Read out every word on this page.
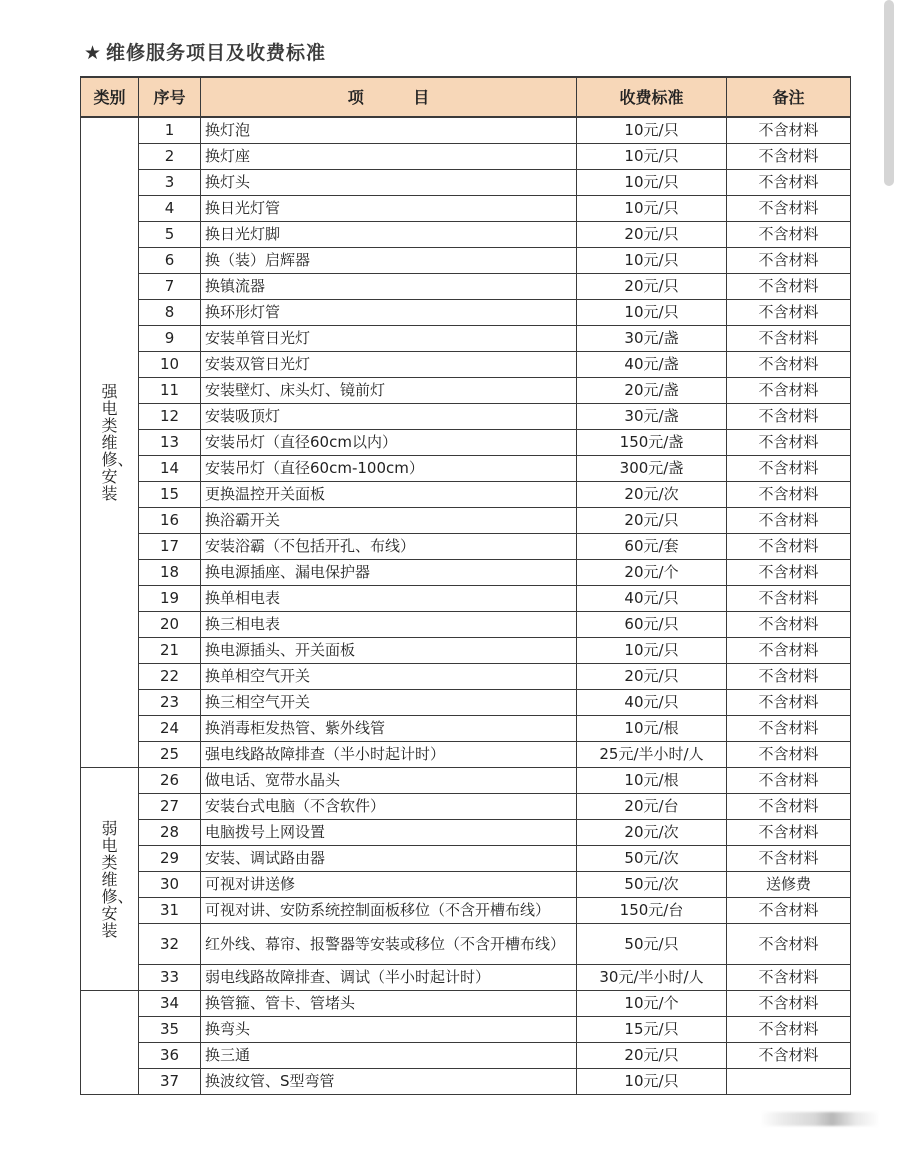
★ 维修服务项目及收费标准
类别	序号	项 目	收费标准	备注

强电类维修、安装	1	换灯泡	10元/只	不含材料
	2	换灯座	10元/只	不含材料
	3	换灯头	10元/只	不含材料
	4	换日光灯管	10元/只	不含材料
	5	换日光灯脚	20元/只	不含材料
	6	换（装）启辉器	10元/只	不含材料
	7	换镇流器	20元/只	不含材料
	8	换环形灯管	10元/只	不含材料
	9	安装单管日光灯	30元/盏	不含材料
	10	安装双管日光灯	40元/盏	不含材料
	11	安装壁灯、床头灯、镜前灯	20元/盏	不含材料
	12	安装吸顶灯	30元/盏	不含材料
	13	安装吊灯（直径60cm以内）	150元/盏	不含材料
	14	安装吊灯（直径60cm-100cm）	300元/盏	不含材料
	15	更换温控开关面板	20元/次	不含材料
	16	换浴霸开关	20元/只	不含材料
	17	安装浴霸（不包括开孔、布线）	60元/套	不含材料
	18	换电源插座、漏电保护器	20元/个	不含材料
	19	换单相电表	40元/只	不含材料
	20	换三相电表	60元/只	不含材料
	21	换电源插头、开关面板	10元/只	不含材料
	22	换单相空气开关	20元/只	不含材料
	23	换三相空气开关	40元/只	不含材料
	24	换消毒柜发热管、紫外线管	10元/根	不含材料
	25	强电线路故障排查（半小时起计时）	25元/半小时/人	不含材料

弱电类维修、安装	26	做电话、宽带水晶头	10元/根	不含材料
	27	安装台式电脑（不含软件）	20元/台	不含材料
	28	电脑拨号上网设置	20元/次	不含材料
	29	安装、调试路由器	50元/次	不含材料
	30	可视对讲送修	50元/次	送修费
	31	可视对讲、安防系统控制面板移位（不含开槽布线）	150元/台	不含材料
	32	红外线、幕帘、报警器等安装或移位（不含开槽布线）	50元/只	不含材料
	33	弱电线路故障排查、调试（半小时起计时）	30元/半小时/人	不含材料

	34	换管箍、管卡、管堵头	10元/个	不含材料
	35	换弯头	15元/只	不含材料
	36	换三通	20元/只	不含材料
	37	换波纹管、S型弯管	10元/只	
